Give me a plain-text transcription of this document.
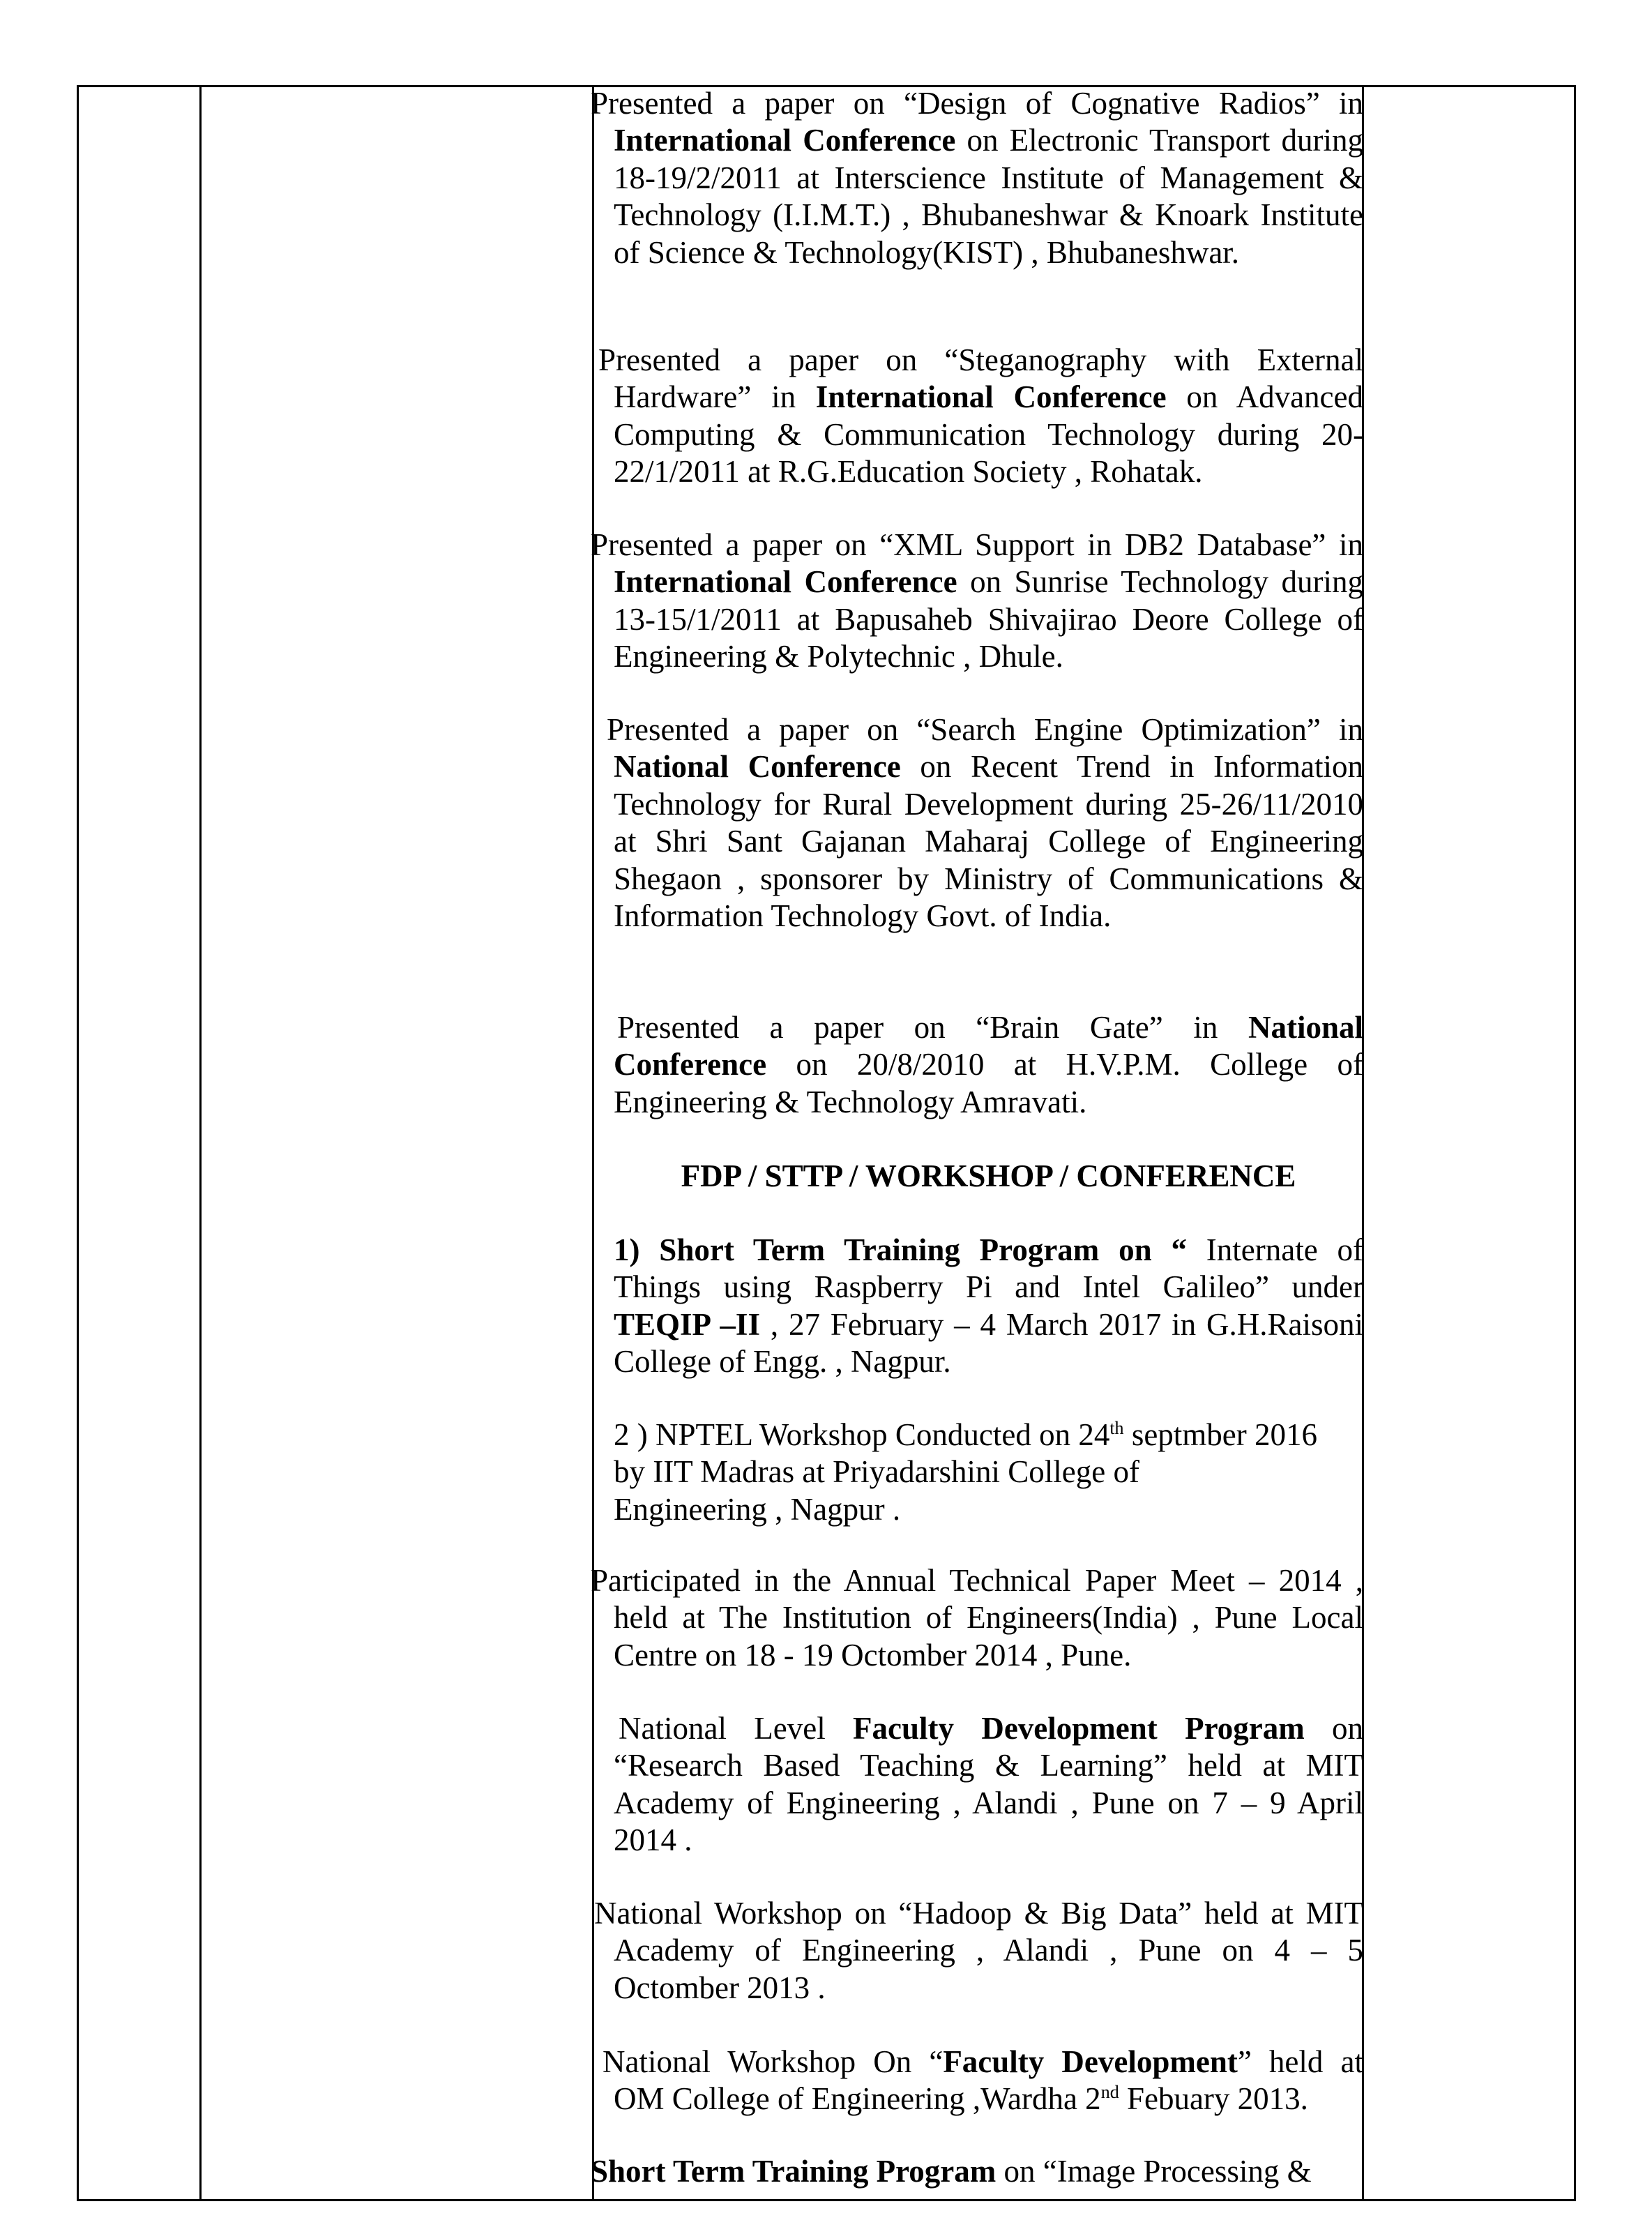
Presented a paper on “Design of Cognative Radios” in International Conference on Electronic Transport during 18-19/2/2011 at Interscience Institute of Management & Technology (I.I.M.T.) , Bhubaneshwar & Knoark Institute of Science & Technology(KIST) , Bhubaneshwar.

Presented a paper on “Steganography with External Hardware” in International Conference on Advanced Computing & Communication Technology during 20-22/1/2011 at R.G.Education Society , Rohatak.

Presented a paper on “XML Support in DB2 Database” in International Conference on Sunrise Technology during 13-15/1/2011 at Bapusaheb Shivajirao Deore College of Engineering & Polytechnic , Dhule.

Presented a paper on “Search Engine Optimization” in National Conference on Recent Trend in Information Technology for Rural Development during 25-26/11/2010 at Shri Sant Gajanan Maharaj College of Engineering Shegaon , sponsorer by Ministry of Communications & Information Technology Govt. of India.

Presented a paper on “Brain Gate” in National Conference on 20/8/2010 at H.V.P.M. College of Engineering & Technology Amravati.

FDP / STTP / WORKSHOP / CONFERENCE

1) Short Term Training Program on “ Internate of Things using Raspberry Pi and Intel Galileo” under TEQIP –II , 27 February – 4 March 2017 in G.H.Raisoni College of Engg. , Nagpur.

2 ) NPTEL Workshop Conducted on 24th septmber 2016
by IIT Madras at Priyadarshini College of
Engineering , Nagpur .

Participated in the Annual Technical Paper Meet – 2014 , held at The Institution of Engineers(India) , Pune Local Centre on 18 - 19 Octomber 2014 , Pune.

National Level Faculty Development Program on “Research Based Teaching & Learning” held at MIT Academy of Engineering , Alandi , Pune on 7 – 9 April 2014 .

National Workshop on “Hadoop & Big Data” held at MIT Academy of Engineering , Alandi , Pune on 4 – 5 Octomber 2013 .

National Workshop On “Faculty Development” held at OM College of Engineering ,Wardha 2nd Febuary 2013.

Short Term Training Program on “Image Processing &
